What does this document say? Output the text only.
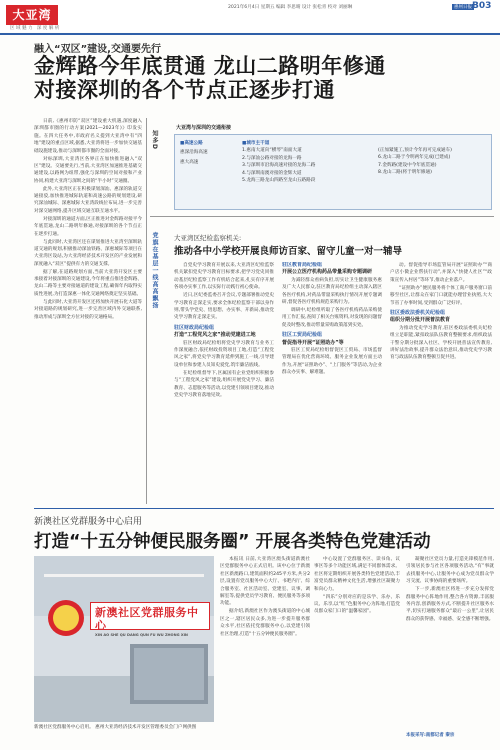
大亚湾
区域魅力 深度解析
2021年6月4日 星期五 编辑 李思晴 设计 张松青 校对 刘丽琳	惠州日报 B03
融入“双区”建设,交通要先行
金辉路今年底贯通 龙山二路明年修通
对接深圳的各个节点正逐步打通

日前,《惠州市防“双区”建设重大机遇,深度融入深圳都市圈的行动方案(2021—2023年)》印发实施。在四大任务中,市政府名义提到大亚湾中有“四地”建设的重点区域,据悉,大亚湾将进一步加快交通基础设施建设,推动与深圳都市圈的全面对接。

对标深圳,大亚湾区各界正在加快推进融入“双区”建设。交通要先行,当前,大亚湾区加速推进基础交通建设,以路网为纽带,强化与深圳的空间对接和产业协同,构建大亚湾与深圳之间的“半小时”交通圈。

此外,大亚湾区正在积极谋划深汕、惠深的轨道交通接驳,加快推进城际轨道和高速公路的规划建设,研究深汕城际、深惠城际大亚湾段线位布局,进一步完善对深交通网络,提升区域交通互联互通水平。

对接深圳的通道方面,区正推进对金辉路对接平今年底贯通,龙山二路明年修通,对接深圳的各个节点正在逐步打通。

与此同时,大亚湾区还在谋划推进大亚湾至深圳轨道交通的规划,积极推动深汕铁路、深惠城际等项目在大亚湾区设站,为大亚湾经济技术开发区的产业发展和深度融入“双区”提供有力的交通支撑。

据了解,在道路规划方面,当前大亚湾开发区主要承接着对接深圳的交通建设,今年将重点推进金辉路、龙山二路等主要对接通道的建设工程,确保年内取得实质性进展,为打造深惠一体化交通网络奠定坚实基础。

与此同时,大亚湾开发区还将加快开展石化大道等对接道路的规划研究,进一步完善区域内外交通联系,推动形成与深圳全方位对接的交通格局。

知多D
大亚湾与深圳的交通衔接
■高速公路
惠深沿海高速
惠大高速
■城市主干道
1.惠南大道向“横琴”南面大道
2.与深汕公路对接的龙海一路
3.与深圳市沿海高速对接的龙海二路
4.与深圳南澳对接的金辉大道
5.龙海三路龙山四路至龙山五路路段
(正加紧施工,预计今年再可完成通车)
6.龙山二路于今明两年完成(已建成)
7.金辉路(建设中今年底贯通)
8.龙山二路(将于明年修通)
党旗在基层一线高高飘扬 大亚湾区纪检监察机关:
推动各中小学校开展良师访百家、留守儿童一对一辅导

自党史学习教育开展以来,大亚湾区纪检监察机关紧扣党史学习教育目标要求,把学习党史同推动基层纪检监察工作有机结合起来,扎实有序开展各项办实事工作,以实际行动践行初心使命。

近日,区纪委监委召开会议,专题部署推动党史学习教育走深走实,要求全体纪检监察干部以身作则,带头学党史、悟思想、办实事、开新局,推动党史学习教育走深走实。

驻区财政局纪检组
打造“工程党风之家”推动党建进工地

驻区财政局纪检组将党史学习教育与业务工作深度融合,依托财政投资项目工地,打造“工程党风之家”,将党史学习教育延伸到施工一线,引导建设单位和参建人员知史爱党,筑牢廉洁底线。

在纪检组督导下,区属国有企业党组织积极参与“工程党风之家”建设,组织开展党史学习、廉洁教育、志愿服务等活动,以党建引领项目建设,推动党史学习教育落地见效。

驻区教育局纪检组
开展公立医疗机构药品带量采购专题调研

为减轻群众看病负担,切实让卫生健康服务惠及广大人民群众,驻区教育局纪检组主动深入辖区各医疗机构,对药品带量采购执行情况开展专题调研,督促各医疗机构规范采购行为。

调研中,纪检组听取了各医疗机构药品采购使用工作汇报,查阅了相关台账资料,对发现的问题督促及时整改,推动带量采购政策落到实处。

驻区工贸局纪检组
督促指导开展“证照助办”等

驻区工贸局纪检组督促区工贸局、市场监督管理局在优化营商环境、服务企业发展方面主动作为,开展“证照助办”、“上门服务”等活动,为企业群众办实事、解难题。

动。督促指导市场监管局开展“证照助办”“商户店小微企业帮扶行动”,并深入“快捷人社区”“政策宣传入村居”等环节,推动企业落户。

“证照助办”便民服务将个体工商户服务窗口前移至社区,让群众在家门口就能办理营业执照,大大节省了办事时间,受到群众广泛好评。

驻区委政法委机关纪检组
组织分期分批开展普法教育

为推动党史学习教育,驻区委政法委机关纪检组立足职能,紧扣政法队伍教育整顿要求,组织政法干警分期分批深入社区、学校开展普法宣传教育,讲好法治故事,提升群众法治意识,推动党史学习教育与政法队伍教育整顿互促共进。

新澳社区党群服务中心启用
打造“十五分钟便民服务圈” 开展各类特色党建活动
新澳社区党群服务中心
XIN AO SHE QU DANG QUN FU WU ZHONG XIN
新澳社区党群服务中心启用。 惠州大亚湾经济技术开发区管理委员会门户网供图

本报讯 日前,大亚湾区澳头街道新澳社区党群服务中心正式启用。该中心位于新澳社区新澳路口,建筑面积约245平方米,共分2层,设置有党员服务中心大厅、书吧内厅、综合服务室、社区活动室、党建室、议事、调解室等,提供党员学习教育、便民服务等多项功能。

据介绍,新澳社区作为澳头街道的中心城区之一,辖区居民众多,为进一步提升服务群众水平,社区依托党群服务中心,以党建引领社区治理,打造“十五分钟便民服务圈”。

中心设置了党群服务区、读书角、议事区等多个功能区域,满足不同群体需求。社区将定期组织开展各类特色党建活动,丰富党员群众精神文化生活,增强社区凝聚力和向心力。

“四乐”分别对应的是乐学、乐办、乐议、乐享,以“红”色服务中心为阵地,打造党员群众家门口的“温馨家园”。

凝聚社区党员力量,打造先锋模范作用,引领居民参与社区各项服务活动,“有”事就去找服务中心,让服务中心成为党员群众学习交流、议事协商的重要场所。

下一步,新澳社区将进一步充分发挥党群服务中心阵地作用,整合各方资源,丰富服务内容,创新服务方式,不断提升社区服务水平,切实打通服务群众“最后一公里”,让居民群众的获得感、幸福感、安全感不断增强。

本报采写:南都记者 秦宗
